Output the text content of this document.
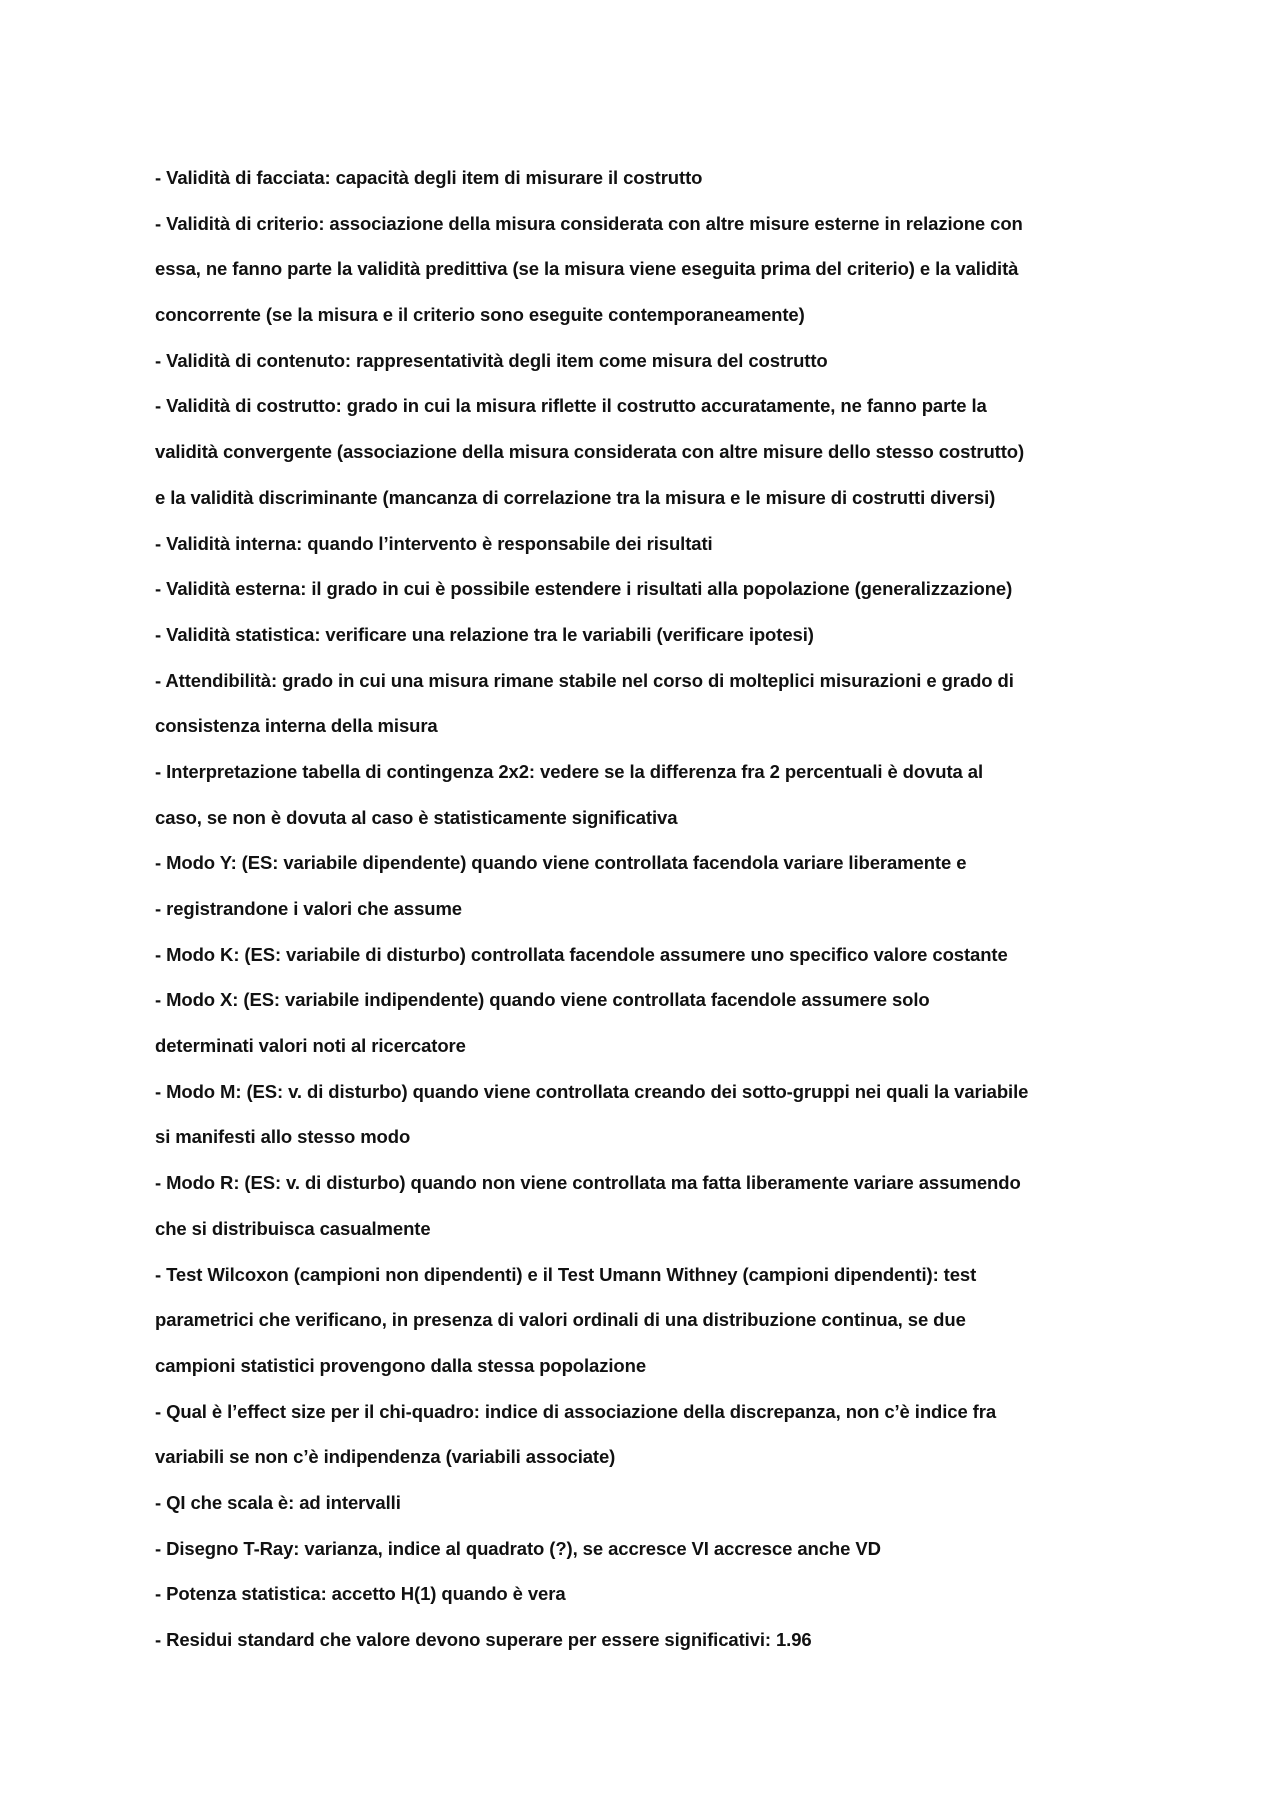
- Validità di facciata: capacità degli item di misurare il costrutto
- Validità di criterio: associazione della misura considerata con altre misure esterne in relazione con
essa, ne fanno parte la validità predittiva (se la misura viene eseguita prima del criterio) e la validità
concorrente (se la misura e il criterio sono eseguite contemporaneamente)
- Validità di contenuto: rappresentatività degli item come misura del costrutto
- Validità di costrutto: grado in cui la misura riflette il costrutto accuratamente, ne fanno parte la
validità convergente (associazione della misura considerata con altre misure dello stesso costrutto)
e la validità discriminante (mancanza di correlazione tra la misura e le misure di costrutti diversi)
- Validità interna: quando l’intervento è responsabile dei risultati
- Validità esterna: il grado in cui è possibile estendere i risultati alla popolazione (generalizzazione)
- Validità statistica: verificare una relazione tra le variabili (verificare ipotesi)
- Attendibilità: grado in cui una misura rimane stabile nel corso di molteplici misurazioni e grado di
consistenza interna della misura
- Interpretazione tabella di contingenza 2x2: vedere se la differenza fra 2 percentuali è dovuta al
caso, se non è dovuta al caso è statisticamente significativa
- Modo Y: (ES: variabile dipendente) quando viene controllata facendola variare liberamente e
- registrandone i valori che assume
- Modo K: (ES: variabile di disturbo) controllata facendole assumere uno specifico valore costante
- Modo X: (ES: variabile indipendente) quando viene controllata facendole assumere solo
determinati valori noti al ricercatore
- Modo M: (ES: v. di disturbo) quando viene controllata creando dei sotto-gruppi nei quali la variabile
si manifesti allo stesso modo
- Modo R: (ES: v. di disturbo) quando non viene controllata ma fatta liberamente variare assumendo
che si distribuisca casualmente
- Test Wilcoxon (campioni non dipendenti) e il Test Umann Withney (campioni dipendenti): test
parametrici che verificano, in presenza di valori ordinali di una distribuzione continua, se due
campioni statistici provengono dalla stessa popolazione
- Qual è l’effect size per il chi-quadro: indice di associazione della discrepanza, non c’è indice fra
variabili se non c’è indipendenza (variabili associate)
- QI che scala è: ad intervalli
- Disegno T-Ray: varianza, indice al quadrato (?), se accresce VI accresce anche VD
- Potenza statistica: accetto H(1) quando è vera
- Residui standard che valore devono superare per essere significativi: 1.96
